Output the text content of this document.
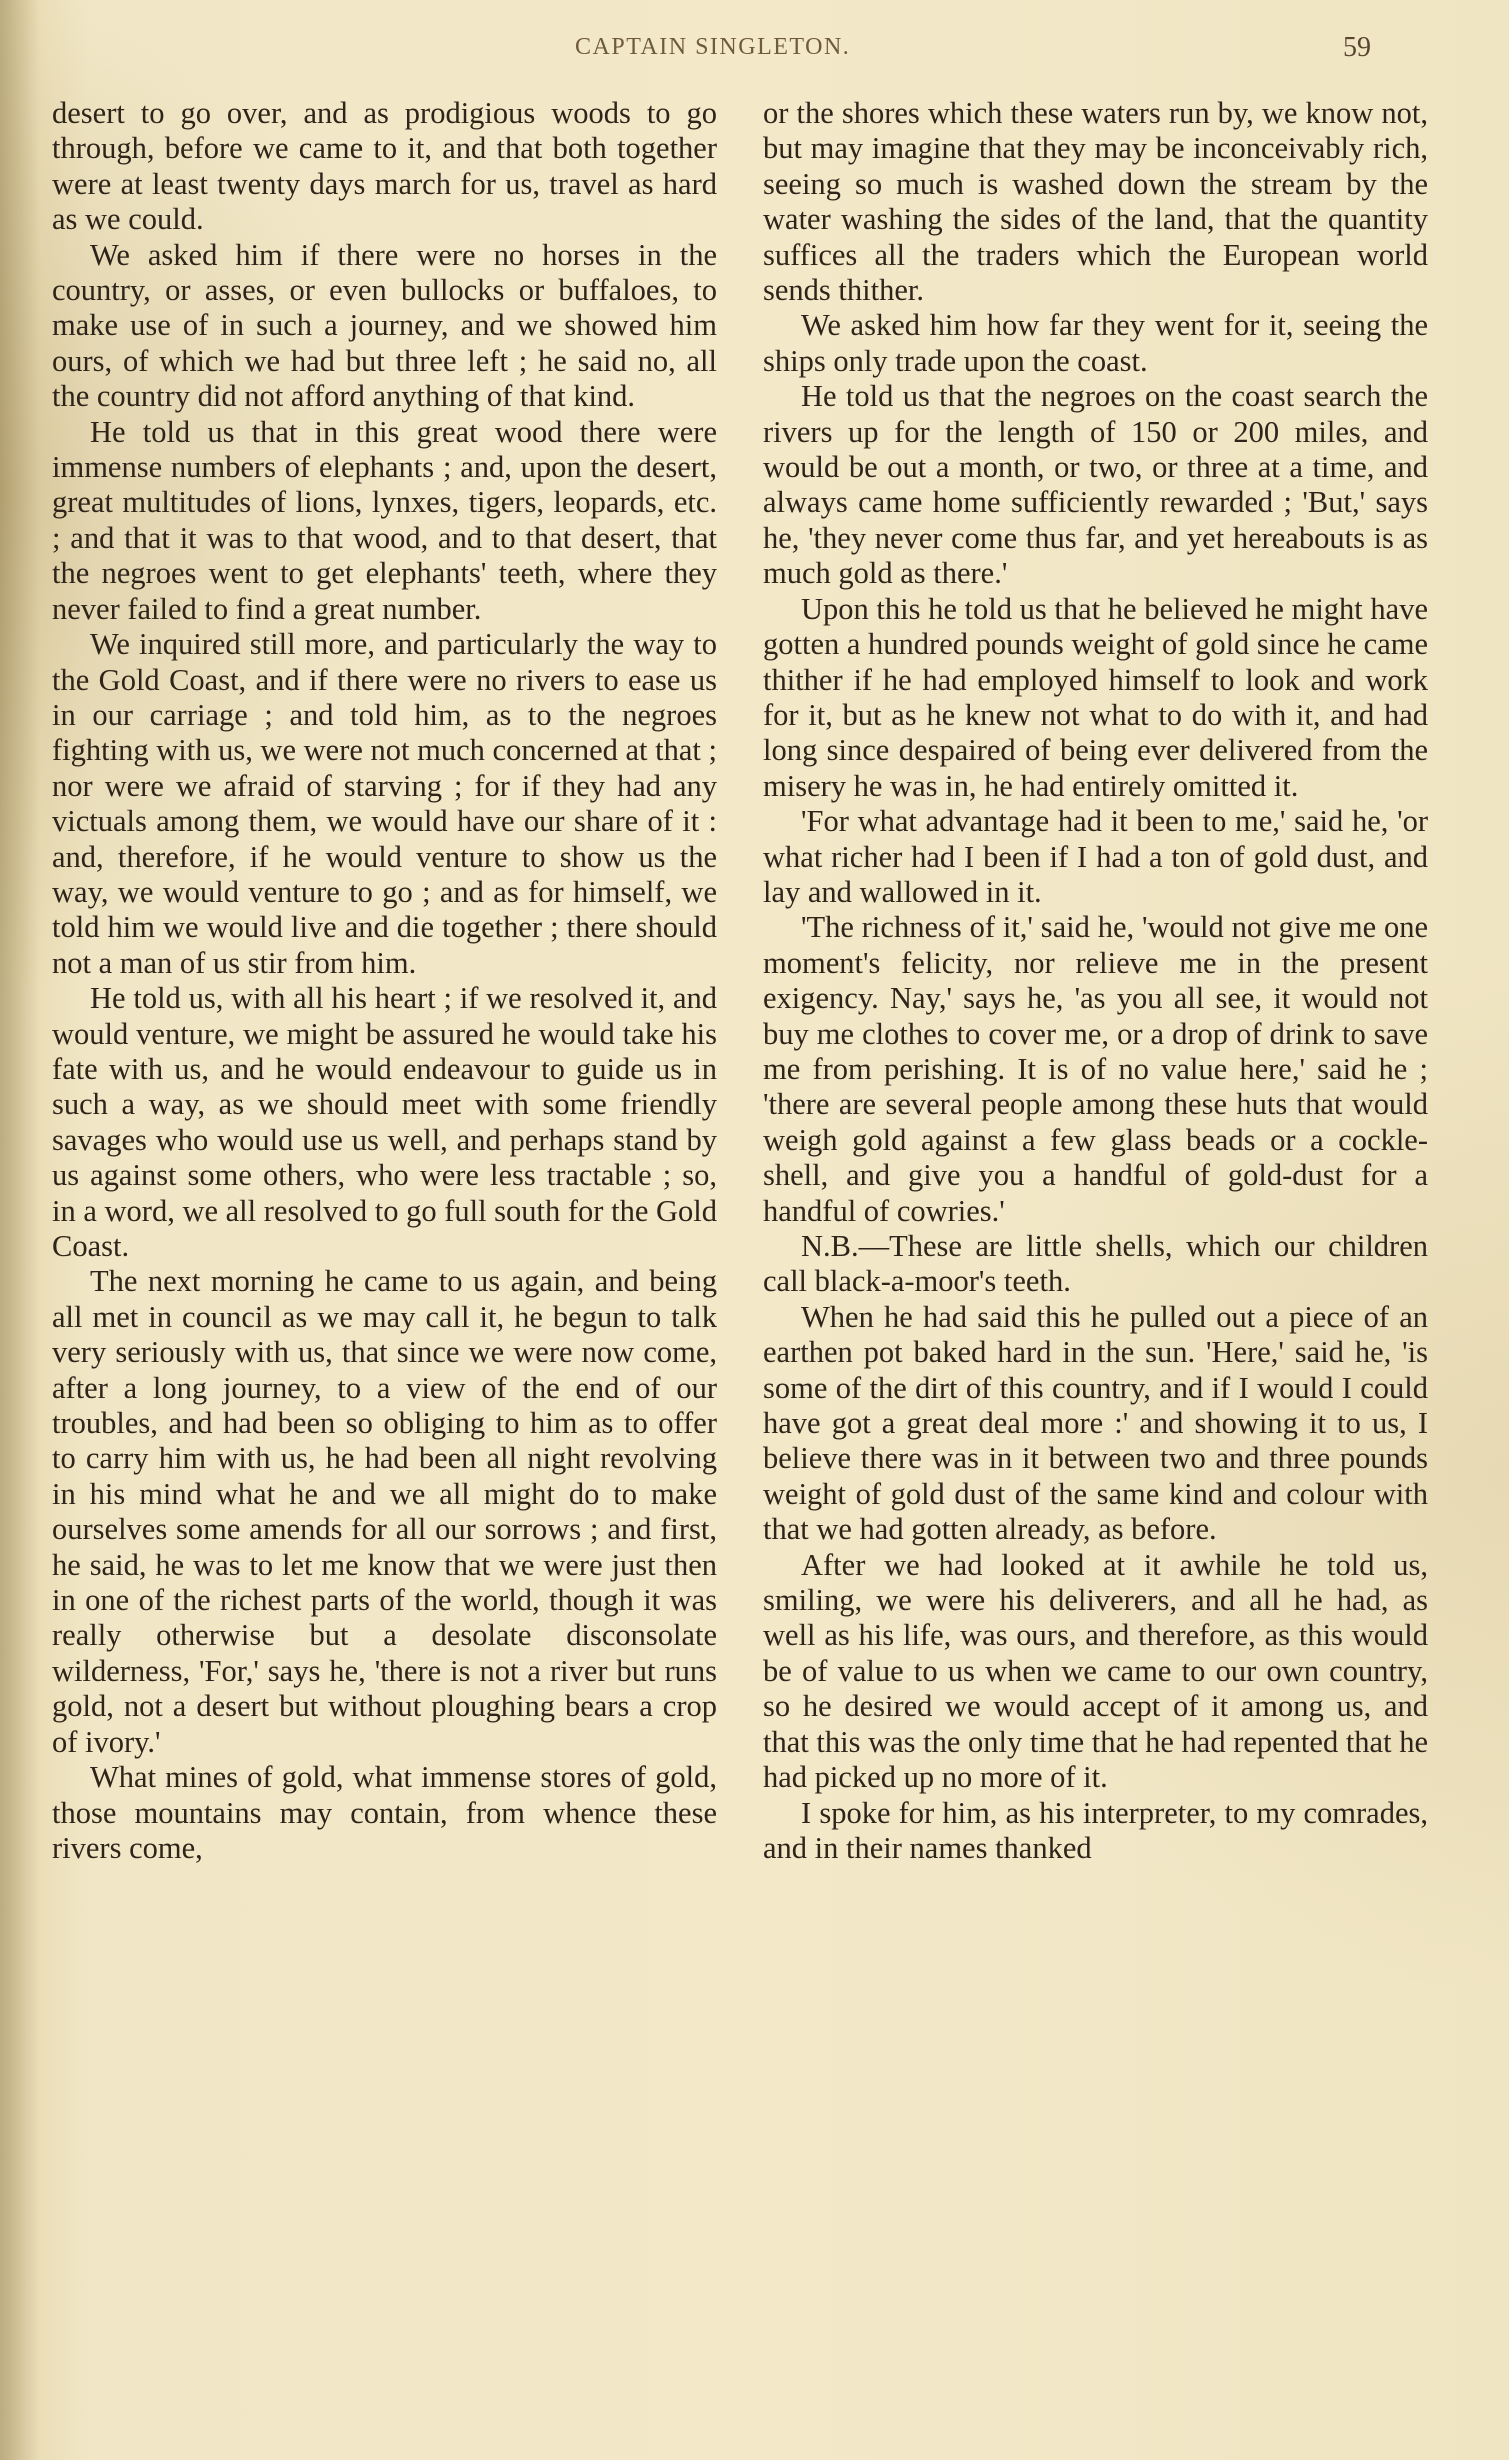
CAPTAIN SINGLETON.	59

desert to go over, and as prodigious woods to go through, before we came to it, and that both together were at least twenty days march for us, travel as hard as we could.

We asked him if there were no horses in the country, or asses, or even bullocks or buffaloes, to make use of in such a journey, and we showed him ours, of which we had but three left ; he said no, all the country did not afford anything of that kind.

He told us that in this great wood there were immense numbers of elephants ; and, upon the desert, great multitudes of lions, lynxes, tigers, leopards, etc. ; and that it was to that wood, and to that desert, that the negroes went to get elephants' teeth, where they never failed to find a great number.

We inquired still more, and particularly the way to the Gold Coast, and if there were no rivers to ease us in our carriage ; and told him, as to the negroes fighting with us, we were not much concerned at that ; nor were we afraid of starving ; for if they had any victuals among them, we would have our share of it : and, therefore, if he would venture to show us the way, we would venture to go ; and as for himself, we told him we would live and die together ; there should not a man of us stir from him.

He told us, with all his heart ; if we resolved it, and would venture, we might be assured he would take his fate with us, and he would endeavour to guide us in such a way, as we should meet with some friendly savages who would use us well, and perhaps stand by us against some others, who were less tractable ; so, in a word, we all resolved to go full south for the Gold Coast.

The next morning he came to us again, and being all met in council as we may call it, he begun to talk very seriously with us, that since we were now come, after a long journey, to a view of the end of our troubles, and had been so obliging to him as to offer to carry him with us, he had been all night revolving in his mind what he and we all might do to make ourselves some amends for all our sorrows ; and first, he said, he was to let me know that we were just then in one of the richest parts of the world, though it was really otherwise but a desolate disconsolate wilderness, 'For,' says he, 'there is not a river but runs gold, not a desert but without ploughing bears a crop of ivory.'

What mines of gold, what immense stores of gold, those mountains may contain, from whence these rivers come,

or the shores which these waters run by, we know not, but may imagine that they may be inconceivably rich, seeing so much is washed down the stream by the water washing the sides of the land, that the quantity suffices all the traders which the European world sends thither.

We asked him how far they went for it, seeing the ships only trade upon the coast.

He told us that the negroes on the coast search the rivers up for the length of 150 or 200 miles, and would be out a month, or two, or three at a time, and always came home sufficiently rewarded ; 'But,' says he, 'they never come thus far, and yet hereabouts is as much gold as there.'

Upon this he told us that he believed he might have gotten a hundred pounds weight of gold since he came thither if he had employed himself to look and work for it, but as he knew not what to do with it, and had long since despaired of being ever delivered from the misery he was in, he had entirely omitted it.

'For what advantage had it been to me,' said he, 'or what richer had I been if I had a ton of gold dust, and lay and wallowed in it.

'The richness of it,' said he, 'would not give me one moment's felicity, nor relieve me in the present exigency. Nay,' says he, 'as you all see, it would not buy me clothes to cover me, or a drop of drink to save me from perishing. It is of no value here,' said he ; 'there are several people among these huts that would weigh gold against a few glass beads or a cockle-shell, and give you a handful of gold-dust for a handful of cowries.'

N.B.—These are little shells, which our children call black-a-moor's teeth.

When he had said this he pulled out a piece of an earthen pot baked hard in the sun. 'Here,' said he, 'is some of the dirt of this country, and if I would I could have got a great deal more :' and showing it to us, I believe there was in it between two and three pounds weight of gold dust of the same kind and colour with that we had gotten already, as before.

After we had looked at it awhile he told us, smiling, we were his deliverers, and all he had, as well as his life, was ours, and therefore, as this would be of value to us when we came to our own country, so he desired we would accept of it among us, and that this was the only time that he had repented that he had picked up no more of it.

I spoke for him, as his interpreter, to my comrades, and in their names thanked
